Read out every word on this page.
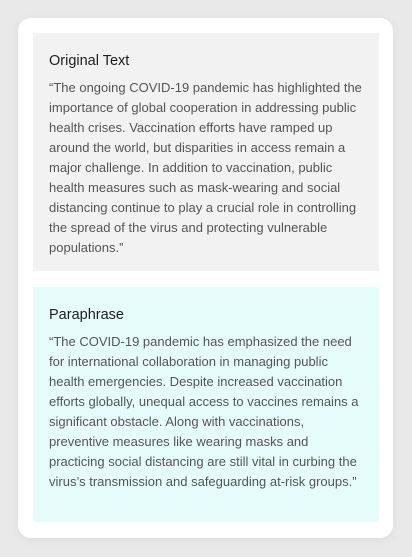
Original Text

“The ongoing COVID-19 pandemic has highlighted the importance of global cooperation in addressing public health crises. Vaccination efforts have ramped up around the world, but disparities in access remain a major challenge. In addition to vaccination, public health measures such as mask-wearing and social distancing continue to play a crucial role in controlling the spread of the virus and protecting vulnerable populations.”

Paraphrase

“The COVID-19 pandemic has emphasized the need for international collaboration in managing public health emergencies. Despite increased vaccination efforts globally, unequal access to vaccines remains a significant obstacle. Along with vaccinations, preventive measures like wearing masks and practicing social distancing are still vital in curbing the virus’s transmission and safeguarding at-risk groups.”
